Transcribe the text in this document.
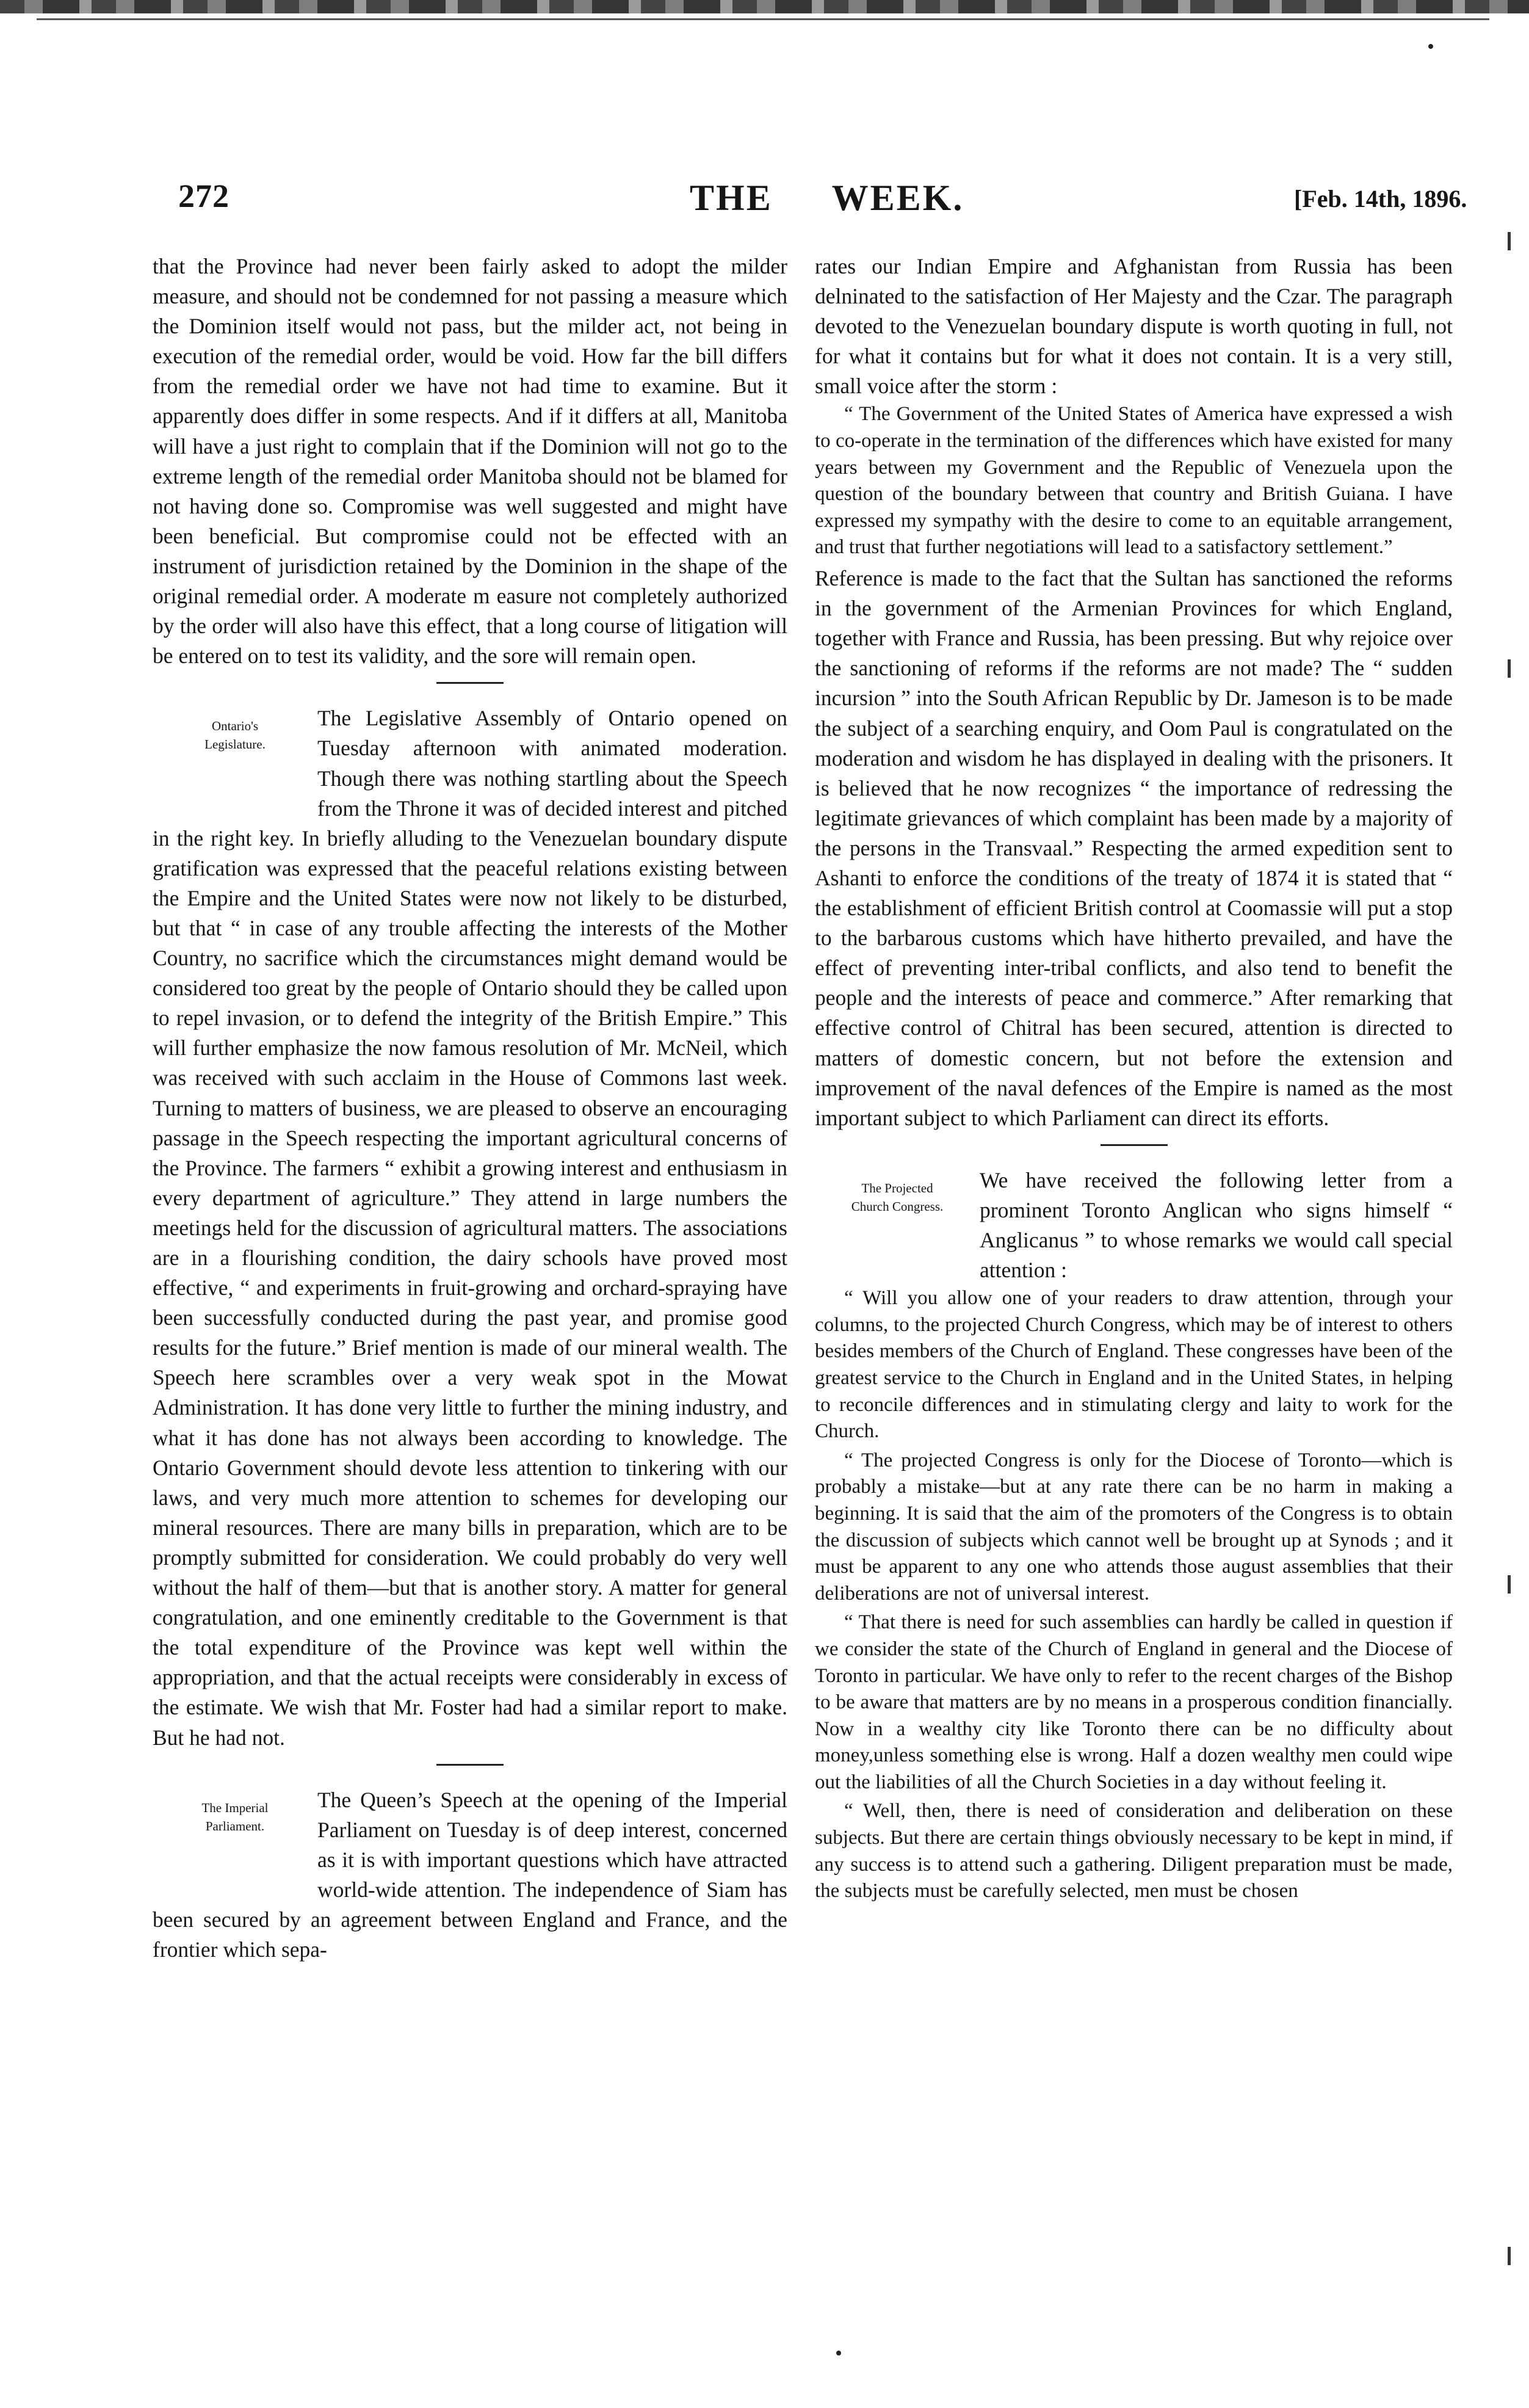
272	THE WEEK.	[Feb. 14th, 1896.

that the Province had never been fairly asked to adopt the milder measure, and should not be condemned for not passing a measure which the Dominion itself would not pass, but the milder act, not being in execution of the remedial order, would be void. How far the bill differs from the remedial order we have not had time to examine. But it apparently does differ in some respects. And if it differs at all, Manitoba will have a just right to complain that if the Dominion will not go to the extreme length of the remedial order Manitoba should not be blamed for not having done so. Compromise was well suggested and might have been beneficial. But compromise could not be effected with an instrument of jurisdiction retained by the Dominion in the shape of the original remedial order. A moderate m easure not completely authorized by the order will also have this effect, that a long course of litigation will be entered on to test its validity, and the sore will remain open.

Ontario's
Legislature.

The Legislative Assembly of Ontario opened on Tuesday afternoon with animated moderation. Though there was nothing startling about the Speech from the Throne it was of decided interest and pitched in the right key. In briefly alluding to the Venezuelan boundary dispute gratification was expressed that the peaceful relations existing between the Empire and the United States were now not likely to be disturbed, but that “ in case of any trouble affecting the interests of the Mother Country, no sacrifice which the circumstances might demand would be considered too great by the people of Ontario should they be called upon to repel invasion, or to defend the integrity of the British Empire.” This will further emphasize the now famous resolution of Mr. McNeil, which was received with such acclaim in the House of Commons last week. Turning to matters of business, we are pleased to observe an encouraging passage in the Speech respecting the important agricultural concerns of the Province. The farmers “ exhibit a growing interest and enthusiasm in every department of agriculture.” They attend in large numbers the meetings held for the discussion of agricultural matters. The associations are in a flourishing condition, the dairy schools have proved most effective, “ and experiments in fruit-growing and orchard-spraying have been successfully conducted during the past year, and promise good results for the future.” Brief mention is made of our mineral wealth. The Speech here scrambles over a very weak spot in the Mowat Administration. It has done very little to further the mining industry, and what it has done has not always been according to knowledge. The Ontario Government should devote less attention to tinkering with our laws, and very much more attention to schemes for developing our mineral resources. There are many bills in preparation, which are to be promptly submitted for consideration. We could probably do very well without the half of them—but that is another story. A matter for general congratulation, and one eminently creditable to the Government is that the total expenditure of the Province was kept well within the appropriation, and that the actual receipts were considerably in excess of the estimate. We wish that Mr. Foster had had a similar report to make. But he had not.

The Imperial
Parliament.

The Queen’s Speech at the opening of the Imperial Parliament on Tuesday is of deep interest, concerned as it is with important questions which have attracted world-wide attention. The independence of Siam has been secured by an agreement between England and France, and the frontier which sepa-

rates our Indian Empire and Afghanistan from Russia has been delninated to the satisfaction of Her Majesty and the Czar. The paragraph devoted to the Venezuelan boundary dispute is worth quoting in full, not for what it contains but for what it does not contain. It is a very still, small voice after the storm :

“ The Government of the United States of America have expressed a wish to co-operate in the termination of the differences which have existed for many years between my Government and the Republic of Venezuela upon the question of the boundary between that country and British Guiana. I have expressed my sympathy with the desire to come to an equitable arrangement, and trust that further negotiations will lead to a satisfactory settlement.”

Reference is made to the fact that the Sultan has sanctioned the reforms in the government of the Armenian Provinces for which England, together with France and Russia, has been pressing. But why rejoice over the sanctioning of reforms if the reforms are not made? The “ sudden incursion ” into the South African Republic by Dr. Jameson is to be made the subject of a searching enquiry, and Oom Paul is congratulated on the moderation and wisdom he has displayed in dealing with the prisoners. It is believed that he now recognizes “ the importance of redressing the legitimate grievances of which complaint has been made by a majority of the persons in the Transvaal.” Respecting the armed expedition sent to Ashanti to enforce the conditions of the treaty of 1874 it is stated that “ the establishment of efficient British control at Coomassie will put a stop to the barbarous customs which have hitherto prevailed, and have the effect of preventing inter-tribal conflicts, and also tend to benefit the people and the interests of peace and commerce.” After remarking that effective control of Chitral has been secured, attention is directed to matters of domestic concern, but not before the extension and improvement of the naval defences of the Empire is named as the most important subject to which Parliament can direct its efforts.

The Projected
Church Congress.

We have received the following letter from a prominent Toronto Anglican who signs himself “ Anglicanus ” to whose remarks we would call special attention :

“ Will you allow one of your readers to draw attention, through your columns, to the projected Church Congress, which may be of interest to others besides members of the Church of England. These congresses have been of the greatest service to the Church in England and in the United States, in helping to reconcile differences and in stimulating clergy and laity to work for the Church.

“ The projected Congress is only for the Diocese of Toronto—which is probably a mistake—but at any rate there can be no harm in making a beginning. It is said that the aim of the promoters of the Congress is to obtain the discussion of subjects which cannot well be brought up at Synods ; and it must be apparent to any one who attends those august assemblies that their deliberations are not of universal interest.

“ That there is need for such assemblies can hardly be called in question if we consider the state of the Church of England in general and the Diocese of Toronto in particular. We have only to refer to the recent charges of the Bishop to be aware that matters are by no means in a prosperous condition financially. Now in a wealthy city like Toronto there can be no difficulty about money,unless something else is wrong. Half a dozen wealthy men could wipe out the liabilities of all the Church Societies in a day without feeling it.

“ Well, then, there is need of consideration and deliberation on these subjects. But there are certain things obviously necessary to be kept in mind, if any success is to attend such a gathering. Diligent preparation must be made, the subjects must be carefully selected, men must be chosen
